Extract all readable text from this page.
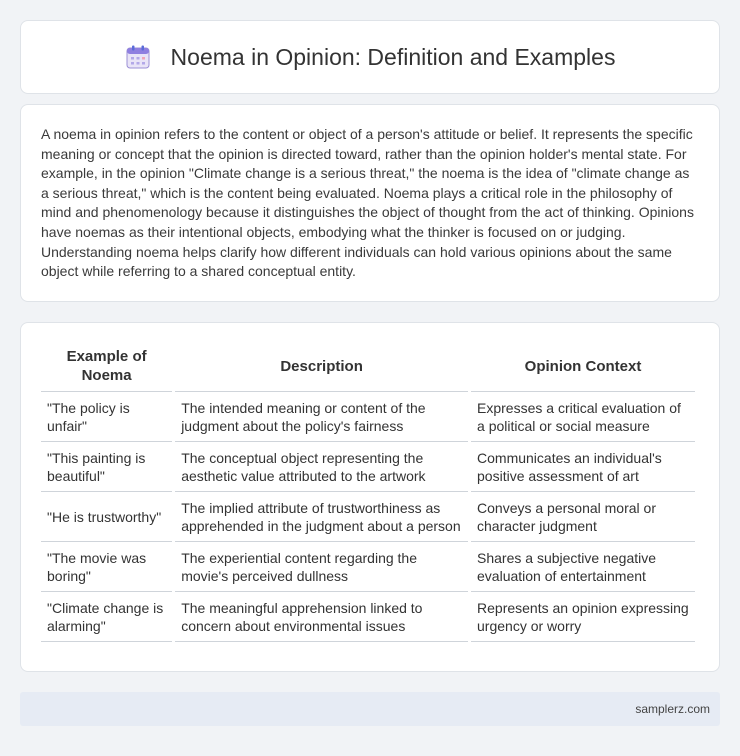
Noema in Opinion: Definition and Examples

A noema in opinion refers to the content or object of a person's attitude or belief. It represents the specific meaning or concept that the opinion is directed toward, rather than the opinion holder's mental state. For example, in the opinion "Climate change is a serious threat," the noema is the idea of "climate change as a serious threat," which is the content being evaluated. Noema plays a critical role in the philosophy of mind and phenomenology because it distinguishes the object of thought from the act of thinking. Opinions have noemas as their intentional objects, embodying what the thinker is focused on or judging. Understanding noema helps clarify how different individuals can hold various opinions about the same object while referring to a shared conceptual entity.

Example of Noema	Description	Opinion Context
"The policy is unfair"	The intended meaning or content of the judgment about the policy's fairness	Expresses a critical evaluation of a political or social measure
"This painting is beautiful"	The conceptual object representing the aesthetic value attributed to the artwork	Communicates an individual's positive assessment of art
"He is trustworthy"	The implied attribute of trustworthiness as apprehended in the judgment about a person	Conveys a personal moral or character judgment
"The movie was boring"	The experiential content regarding the movie's perceived dullness	Shares a subjective negative evaluation of entertainment
"Climate change is alarming"	The meaningful apprehension linked to concern about environmental issues	Represents an opinion expressing urgency or worry
samplerz.com
